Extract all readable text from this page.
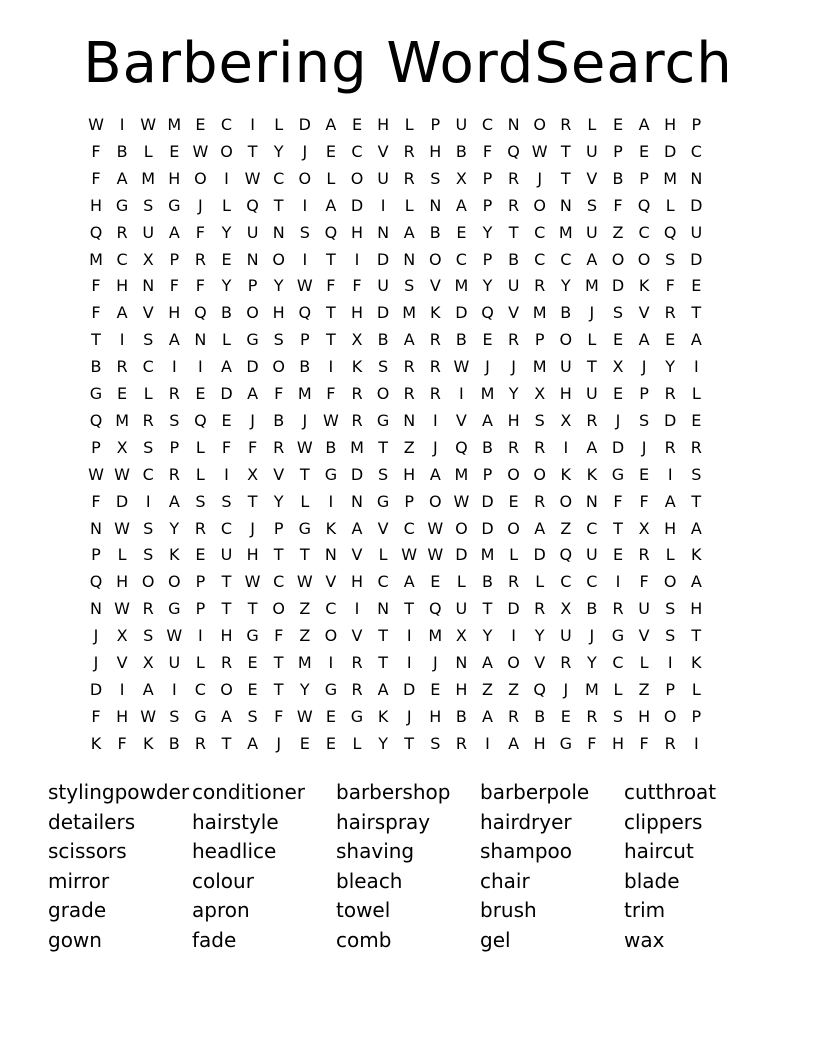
Barbering WordSearch
W I W M E C	I	L D A E H L	P U C N O R	L	E A H P
F	B	L	E W O T	Y	J	E C V R H B	F Q W T U P	E D C
F	A M H O	I W C O L O U R S X P R	J	T V B P M N
H G S G	J	L Q T	I	A D	I	L N A P R O N S	F Q L D
Q R U A	F	Y U N S Q H N A B E	Y	T C M U Z C Q U
M C X P R E N O	I	T	I	D N O C P B C C A O O S D
F H N F	F	Y	P	Y W F	F U S V M Y U R Y M D K	F	E
F	A V H Q B O H Q T H D M K D Q V M B	J	S V R T
T	I	S A N L G S	P	T X B A R B E R P O L	E A E A
B R C	I	I	A D O B	I	K S R R W J	J	M U T X	J	Y	I
G E	L	R E D A	F M F R O R R	I	M Y X H U E	P R	L
Q M R S Q E	J	B	J W R G N	I	V A H S X R	J	S D E
P X S	P	L	F	F R W B M T Z	J	Q B R R	I	A D	J	R R
W W C R	L	I	X V T G D S H A M P O O K K G E	I	S
F D	I	A S S	T	Y	L	I	N G P O W D E R O N F	F	A T
N W S	Y R C	J	P G K A V C W O D O A Z C T X H A
P	L	S K E U H T	T N V	L W W D M L D Q U E R	L	K
Q H O O P	T W C W V H C A E	L	B R	L	C C	I	F O A
N W R G P	T	T O Z C	I	N T Q U T D R X B R U S H
J	X S W I	H G F	Z O V T	I	M X Y	I	Y U	J	G V S	T
J	V X U L	R E	T M	I	R T	I	J	N A O V R Y C	L	I	K
D	I	A	I	C O E	T	Y G R A D E H Z Z Q	J	M L	Z P	L
F H W S G A S	F W E G K	J	H B A R B E R S H O P
K	F	K B R T A	J	E E	L	Y	T	S R	I	A H G F H F R	I
stylingpowder conditioner barbershop barberpole cutthroat
detailers	hairstyle	hairspray hairdryer	clippers
scissors	headlice	shaving	shampoo	haircut
mirror	colour	bleach	chair	blade
grade	apron	towel	brush	trim
gown	fade	comb	gel	wax
